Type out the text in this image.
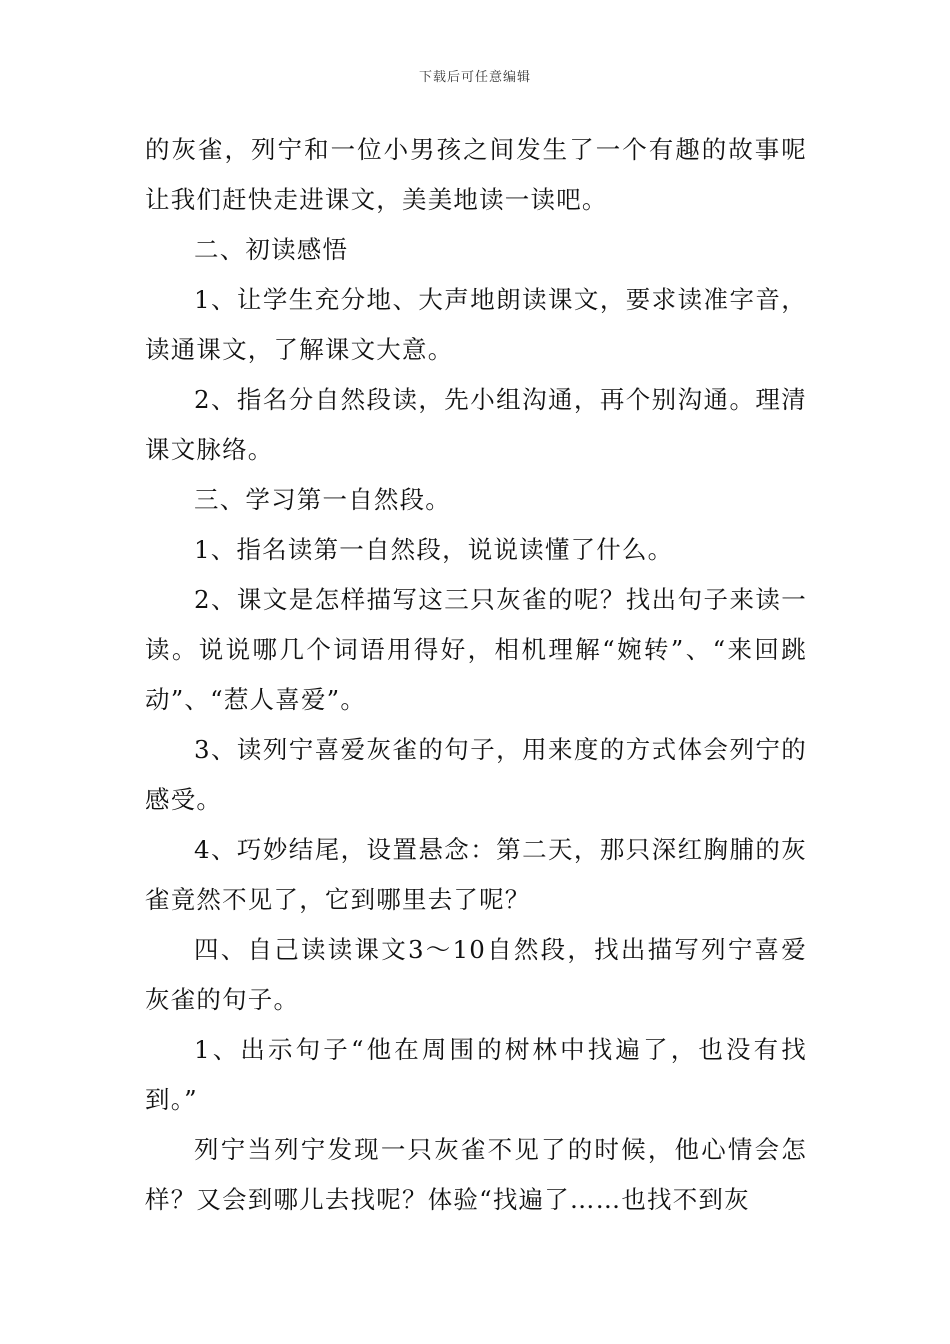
下载后可任意编辑

的灰雀，列宁和一位小男孩之间发生了一个有趣的故事呢让我们赶快走进课文，美美地读一读吧。

二、初读感悟

1、让学生充分地、大声地朗读课文，要求读准字音，读通课文，了解课文大意。

2、指名分自然段读，先小组沟通，再个别沟通。理清课文脉络。

三、学习第一自然段。

1、指名读第一自然段，说说读懂了什么。

2、课文是怎样描写这三只灰雀的呢？找出句子来读一读。说说哪几个词语用得好，相机理解“婉转”、“来回跳动”、“惹人喜爱”。

3、读列宁喜爱灰雀的句子，用来度的方式体会列宁的感受。

4、巧妙结尾，设置悬念：第二天，那只深红胸脯的灰雀竟然不见了，它到哪里去了呢？

四、自己读读课文3～10自然段，找出描写列宁喜爱灰雀的句子。

1、出示句子“他在周围的树林中找遍了，也没有找到。”

列宁当列宁发现一只灰雀不见了的时候，他心情会怎样？又会到哪儿去找呢？体验“找遍了……也找不到灰
